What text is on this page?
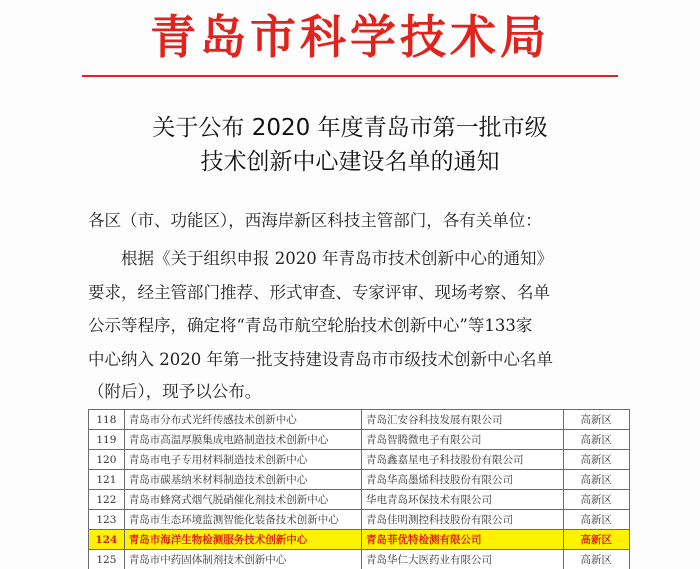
青岛市科学技术局
关于公布 2020 年度青岛市第一批市级
技术创新中心建设名单的通知
各区（市、功能区），西海岸新区科技主管部门，各有关单位：
根据《关于组织申报 2020 年青岛市技术创新中心的通知》
要求，经主管部门推荐、形式审查、专家评审、现场考察、名单
公示等程序，确定将“青岛市航空轮胎技术创新中心”等133家
中心纳入 2020 年第一批支持建设青岛市市级技术创新中心名单
（附后），现予以公布。
118	青岛市分布式光纤传感技术创新中心	青岛汇安谷科技发展有限公司	高新区
119	青岛市高温厚膜集成电路制造技术创新中心	青岛智腾微电子有限公司	高新区
120	青岛市电子专用材料制造技术创新中心	青岛鑫嘉星电子科技股份有限公司	高新区
121	青岛市碳基纳米材料制造技术创新中心	青岛华高墨烯科技股份有限公司	高新区
122	青岛市蜂窝式烟气脱硝催化剂技术创新中心	华电青岛环保技术有限公司	高新区
123	青岛市生态环境监测智能化装备技术创新中心	青岛佳明测控科技股份有限公司	高新区
124	青岛市海洋生物检测服务技术创新中心	青岛菲优特检测有限公司	高新区
125	青岛市中药固体制剂技术创新中心	青岛华仁大医药业有限公司	高新区
